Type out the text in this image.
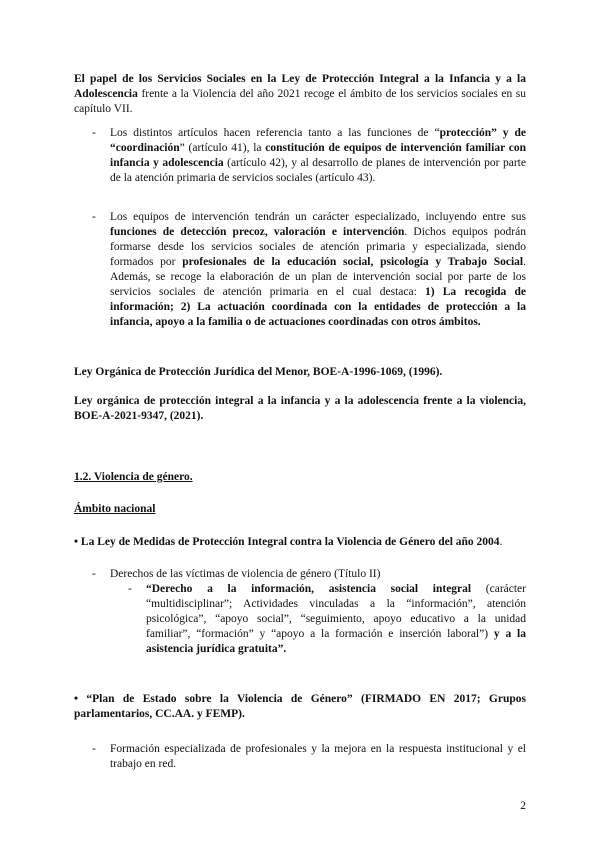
El papel de los Servicios Sociales en la Ley de Protección Integral a la Infancia y a la Adolescencia frente a la Violencia del año 2021 recoge el ámbito de los servicios sociales en su capítulo VII.

- Los distintos artículos hacen referencia tanto a las funciones de “protección” y de “coordinación” (artículo 41), la constitución de equipos de intervención familiar con infancia y adolescencia (artículo 42), y al desarrollo de planes de intervención por parte de la atención primaria de servicios sociales (artículo 43).

- Los equipos de intervención tendrán un carácter especializado, incluyendo entre sus funciones de detección precoz, valoración e intervención. Dichos equipos podrán formarse desde los servicios sociales de atención primaria y especializada, siendo formados por profesionales de la educación social, psicología y Trabajo Social. Además, se recoge la elaboración de un plan de intervención social por parte de los servicios sociales de atención primaria en el cual destaca: 1) La recogida de información; 2) La actuación coordinada con la entidades de protección a la infancia, apoyo a la familia o de actuaciones coordinadas con otros ámbitos.

Ley Orgánica de Protección Jurídica del Menor, BOE-A-1996-1069, (1996).

Ley orgánica de protección integral a la infancia y a la adolescencia frente a la violencia, BOE-A-2021-9347, (2021).

1.2. Violencia de género.

Ámbito nacional

• La Ley de Medidas de Protección Integral contra la Violencia de Género del año 2004.

- Derechos de las víctimas de violencia de género (Título II)

- “Derecho a la información, asistencia social integral (carácter “multidisciplinar”; Actividades vinculadas a la “información”, atención psicológica”, “apoyo social”, “seguimiento, apoyo educativo a la unidad familiar”, “formación” y “apoyo a la formación e inserción laboral”) y a la asistencia jurídica gratuita”.

• “Plan de Estado sobre la Violencia de Género” (FIRMADO EN 2017; Grupos parlamentarios, CC.AA. y FEMP).

- Formación especializada de profesionales y la mejora en la respuesta institucional y el trabajo en red.

2
